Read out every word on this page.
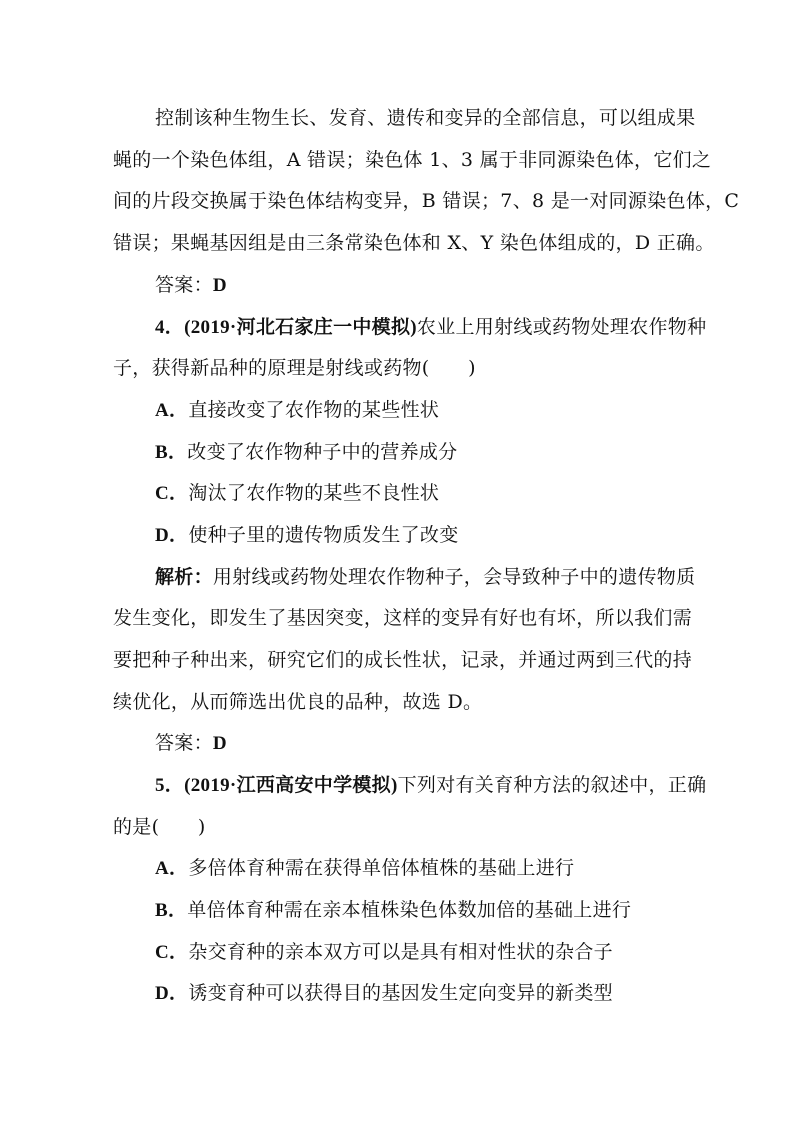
控制该种生物生长、发育、遗传和变异的全部信息，可以组成果
蝇的一个染色体组，A 错误；染色体 1、3 属于非同源染色体，它们之
间的片段交换属于染色体结构变异，B 错误；7、8 是一对同源染色体，C
错误；果蝇基因组是由三条常染色体和 X、Y 染色体组成的，D 正确。
答案：D
4．(2019·河北石家庄一中模拟)农业上用射线或药物处理农作物种
子，获得新品种的原理是射线或药物(　　)
A．直接改变了农作物的某些性状
B．改变了农作物种子中的营养成分
C．淘汰了农作物的某些不良性状
D．使种子里的遗传物质发生了改变
解析：用射线或药物处理农作物种子，会导致种子中的遗传物质
发生变化，即发生了基因突变，这样的变异有好也有坏，所以我们需
要把种子种出来，研究它们的成长性状，记录，并通过两到三代的持
续优化，从而筛选出优良的品种，故选 D。
答案：D
5．(2019·江西高安中学模拟)下列对有关育种方法的叙述中，正确
的是(　　)
A．多倍体育种需在获得单倍体植株的基础上进行
B．单倍体育种需在亲本植株染色体数加倍的基础上进行
C．杂交育种的亲本双方可以是具有相对性状的杂合子
D．诱变育种可以获得目的基因发生定向变异的新类型
